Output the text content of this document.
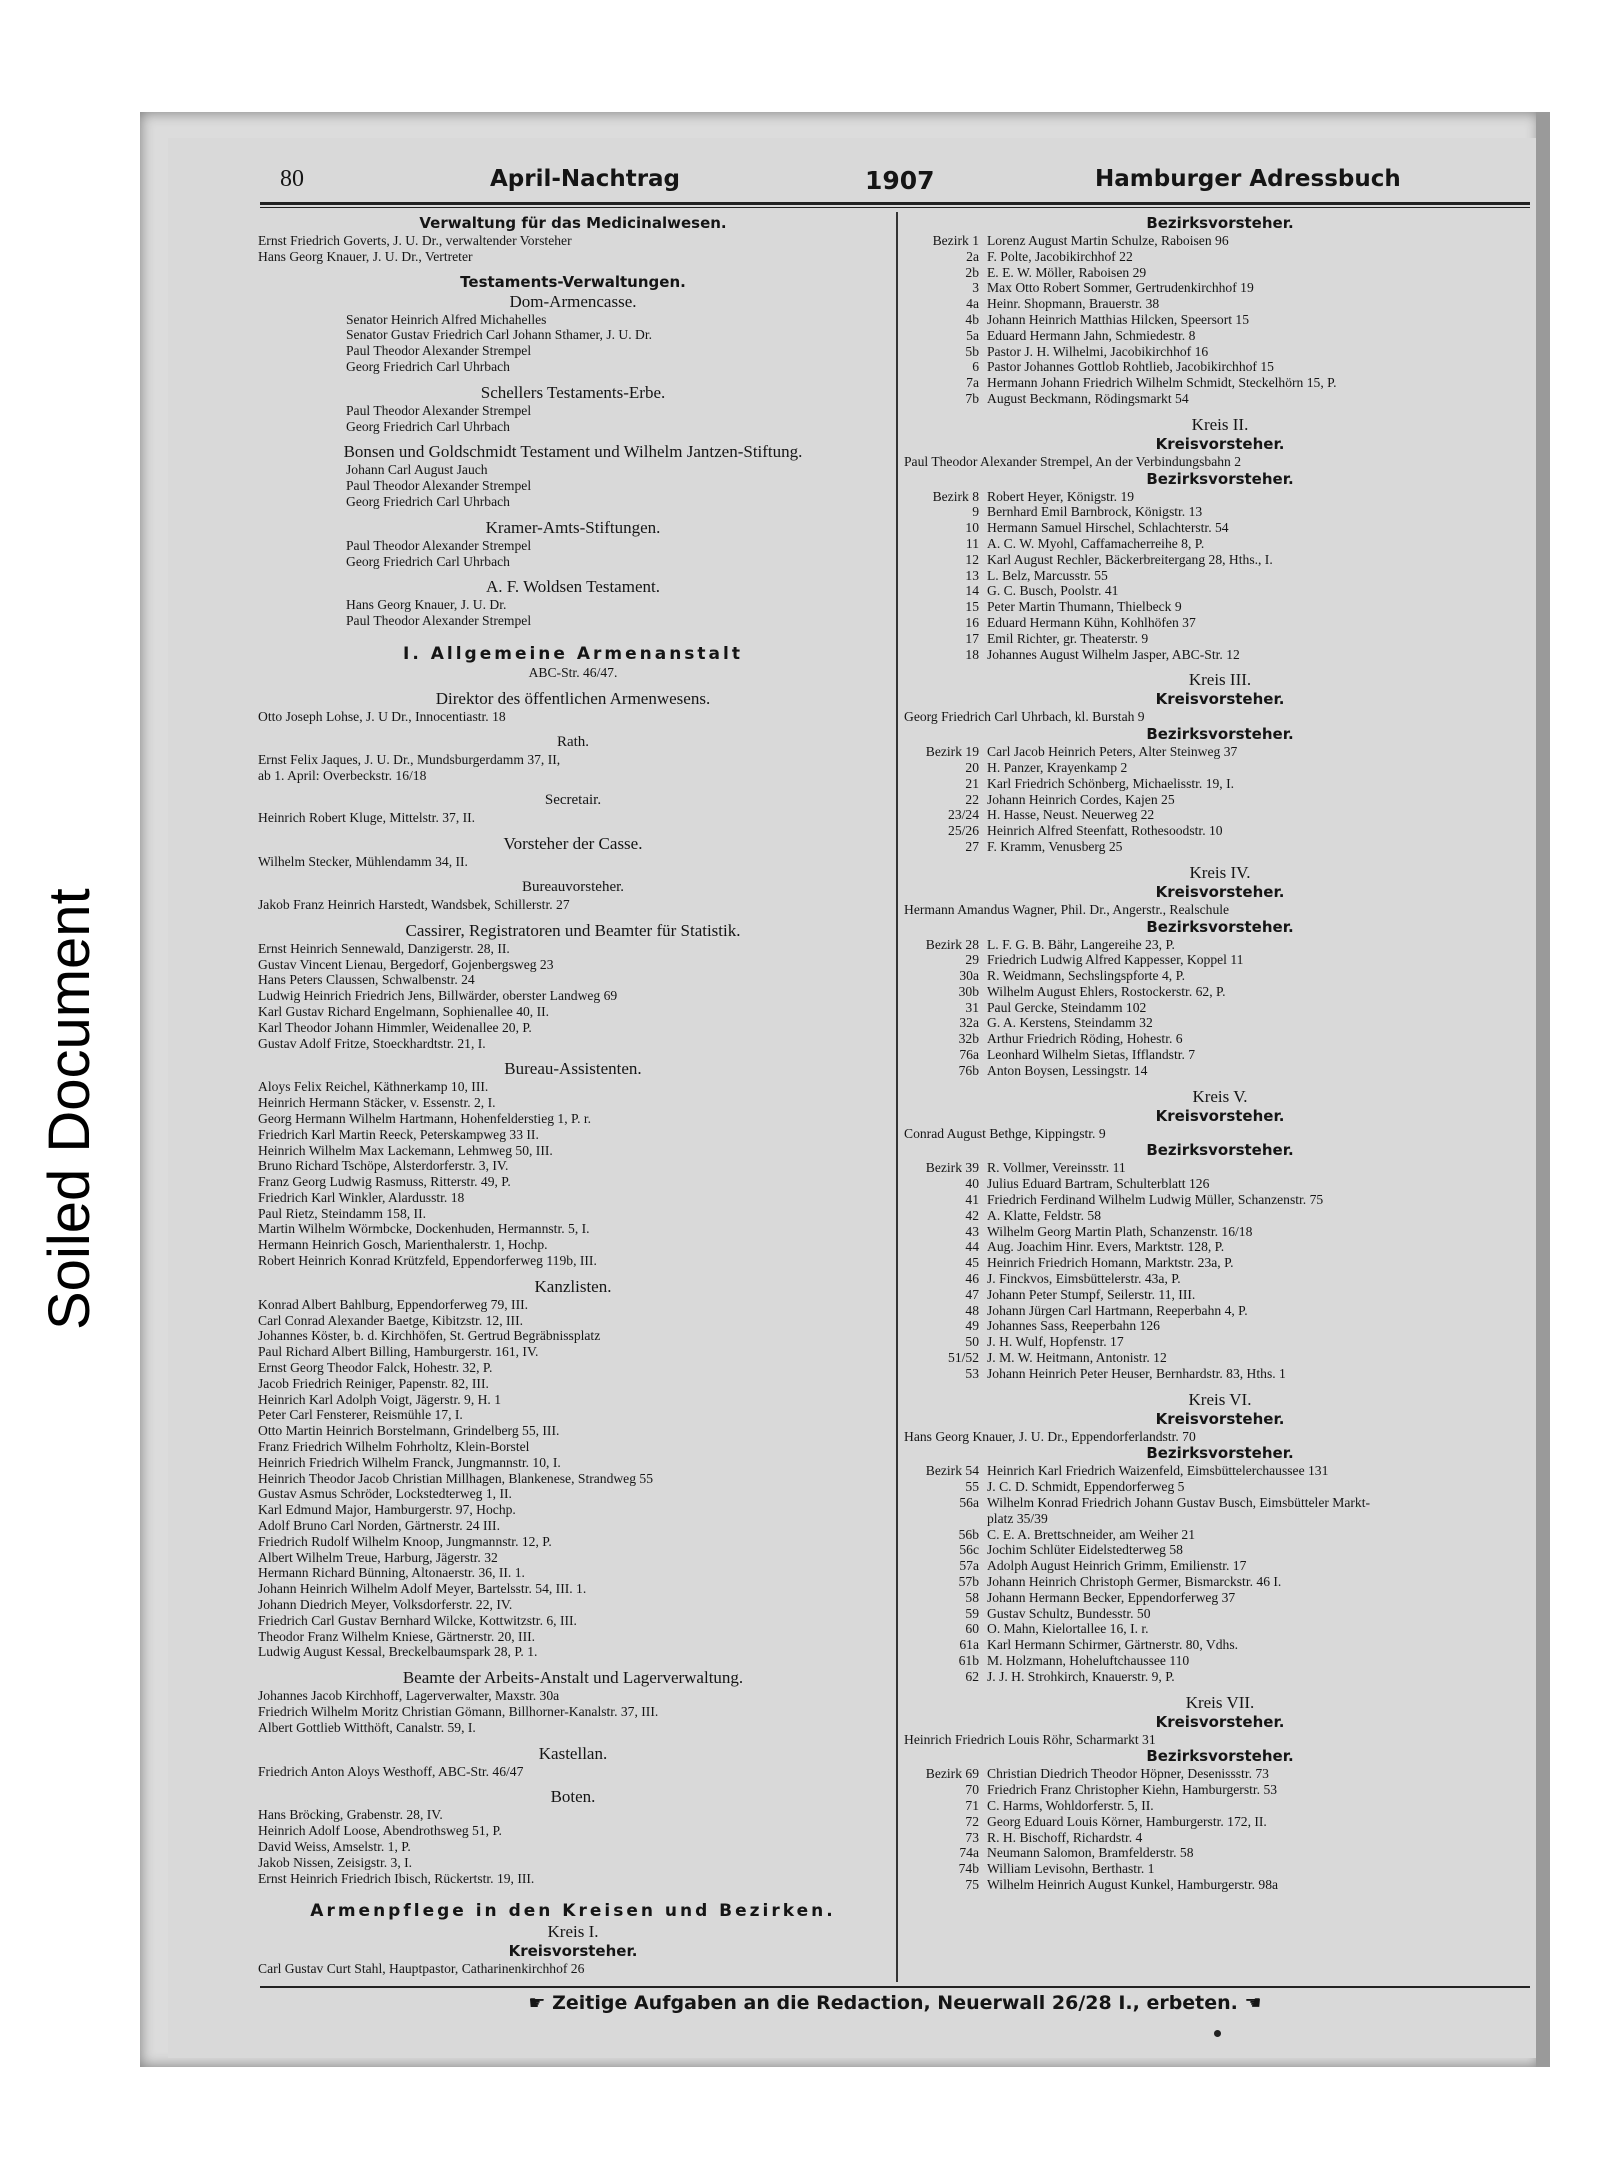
80	April-Nachtrag	1907	Hamburger Adressbuch
Verwaltung für das Medicinalwesen.
Ernst Friedrich Goverts, J. U. Dr., verwaltender Vorsteher
Hans Georg Knauer, J. U. Dr., Vertreter
Testaments-Verwaltungen.
Dom-Armencasse.
Senator Heinrich Alfred Michahelles
Senator Gustav Friedrich Carl Johann Sthamer, J. U. Dr.
Paul Theodor Alexander Strempel
Georg Friedrich Carl Uhrbach
Schellers Testaments-Erbe.
Paul Theodor Alexander Strempel
Georg Friedrich Carl Uhrbach
Bonsen und Goldschmidt Testament und Wilhelm Jantzen-Stiftung.
Johann Carl August Jauch
Paul Theodor Alexander Strempel
Georg Friedrich Carl Uhrbach
Kramer-Amts-Stiftungen.
Paul Theodor Alexander Strempel
Georg Friedrich Carl Uhrbach
A. F. Woldsen Testament.
Hans Georg Knauer, J. U. Dr.
Paul Theodor Alexander Strempel
I. Allgemeine Armenanstalt
ABC-Str. 46/47.
Direktor des öffentlichen Armenwesens.
Otto Joseph Lohse, J. U Dr., Innocentiastr. 18
Rath.
Ernst Felix Jaques, J. U. Dr., Mundsburgerdamm 37, II,
ab 1. April: Overbeckstr. 16/18
Secretair.
Heinrich Robert Kluge, Mittelstr. 37, II.
Vorsteher der Casse.
Wilhelm Stecker, Mühlendamm 34, II.
Bureauvorsteher.
Jakob Franz Heinrich Harstedt, Wandsbek, Schillerstr. 27
Cassirer, Registratoren und Beamter für Statistik.
Ernst Heinrich Sennewald, Danzigerstr. 28, II.
Gustav Vincent Lienau, Bergedorf, Gojenbergsweg 23
Hans Peters Claussen, Schwalbenstr. 24
Ludwig Heinrich Friedrich Jens, Billwärder, oberster Landweg 69
Karl Gustav Richard Engelmann, Sophienallee 40, II.
Karl Theodor Johann Himmler, Weidenallee 20, P.
Gustav Adolf Fritze, Stoeckhardtstr. 21, I.
Bureau-Assistenten.
Aloys Felix Reichel, Käthnerkamp 10, III.
Heinrich Hermann Stäcker, v. Essenstr. 2, I.
Georg Hermann Wilhelm Hartmann, Hohenfelderstieg 1, P. r.
Friedrich Karl Martin Reeck, Peterskampweg 33 II.
Heinrich Wilhelm Max Lackemann, Lehmweg 50, III.
Bruno Richard Tschöpe, Alsterdorferstr. 3, IV.
Franz Georg Ludwig Rasmuss, Ritterstr. 49, P.
Friedrich Karl Winkler, Alardusstr. 18
Paul Rietz, Steindamm 158, II.
Martin Wilhelm Wörmbcke, Dockenhuden, Hermannstr. 5, I.
Hermann Heinrich Gosch, Marienthalerstr. 1, Hochp.
Robert Heinrich Konrad Krützfeld, Eppendorferweg 119b, III.
Kanzlisten.
Konrad Albert Bahlburg, Eppendorferweg 79, III.
Carl Conrad Alexander Baetge, Kibitzstr. 12, III.
Johannes Köster, b. d. Kirchhöfen, St. Gertrud Begräbnissplatz
Paul Richard Albert Billing, Hamburgerstr. 161, IV.
Ernst Georg Theodor Falck, Hohestr. 32, P.
Jacob Friedrich Reiniger, Papenstr. 82, III.
Heinrich Karl Adolph Voigt, Jägerstr. 9, H. 1
Peter Carl Fensterer, Reismühle 17, I.
Otto Martin Heinrich Borstelmann, Grindelberg 55, III.
Franz Friedrich Wilhelm Fohrholtz, Klein-Borstel
Heinrich Friedrich Wilhelm Franck, Jungmannstr. 10, I.
Heinrich Theodor Jacob Christian Millhagen, Blankenese, Strandweg 55
Gustav Asmus Schröder, Lockstedterweg 1, II.
Karl Edmund Major, Hamburgerstr. 97, Hochp.
Adolf Bruno Carl Norden, Gärtnerstr. 24 III.
Friedrich Rudolf Wilhelm Knoop, Jungmannstr. 12, P.
Albert Wilhelm Treue, Harburg, Jägerstr. 32
Hermann Richard Bünning, Altonaerstr. 36, II. 1.
Johann Heinrich Wilhelm Adolf Meyer, Bartelsstr. 54, III. 1.
Johann Diedrich Meyer, Volksdorferstr. 22, IV.
Friedrich Carl Gustav Bernhard Wilcke, Kottwitzstr. 6, III.
Theodor Franz Wilhelm Kniese, Gärtnerstr. 20, III.
Ludwig August Kessal, Breckelbaumspark 28, P. 1.
Beamte der Arbeits-Anstalt und Lagerverwaltung.
Johannes Jacob Kirchhoff, Lagerverwalter, Maxstr. 30a
Friedrich Wilhelm Moritz Christian Gömann, Billhorner-Kanalstr. 37, III.
Albert Gottlieb Witthöft, Canalstr. 59, I.
Kastellan.
Friedrich Anton Aloys Westhoff, ABC-Str. 46/47
Boten.
Hans Bröcking, Grabenstr. 28, IV.
Heinrich Adolf Loose, Abendrothsweg 51, P.
David Weiss, Amselstr. 1, P.
Jakob Nissen, Zeisigstr. 3, I.
Ernst Heinrich Friedrich Ibisch, Rückertstr. 19, III.
Armenpflege in den Kreisen und Bezirken.
Kreis I.
Kreisvorsteher.
Carl Gustav Curt Stahl, Hauptpastor, Catharinenkirchhof 26
Bezirksvorsteher.
Bezirk 1 Lorenz August Martin Schulze, Raboisen 96
2a F. Polte, Jacobikirchhof 22
2b E. E. W. Möller, Raboisen 29
3 Max Otto Robert Sommer, Gertrudenkirchhof 19
4a Heinr. Shopmann, Brauerstr. 38
4b Johann Heinrich Matthias Hilcken, Speersort 15
5a Eduard Hermann Jahn, Schmiedestr. 8
5b Pastor J. H. Wilhelmi, Jacobikirchhof 16
6 Pastor Johannes Gottlob Rohtlieb, Jacobikirchhof 15
7a Hermann Johann Friedrich Wilhelm Schmidt, Steckelhörn 15, P.
7b August Beckmann, Rödingsmarkt 54
Kreis II.
Kreisvorsteher.
Paul Theodor Alexander Strempel, An der Verbindungsbahn 2
Bezirksvorsteher.
Bezirk 8 Robert Heyer, Königstr. 19
9 Bernhard Emil Barnbrock, Königstr. 13
10 Hermann Samuel Hirschel, Schlachterstr. 54
11 A. C. W. Myohl, Caffamacherreihe 8, P.
12 Karl August Rechler, Bäckerbreitergang 28, Hths., I.
13 L. Belz, Marcusstr. 55
14 G. C. Busch, Poolstr. 41
15 Peter Martin Thumann, Thielbeck 9
16 Eduard Hermann Kühn, Kohlhöfen 37
17 Emil Richter, gr. Theaterstr. 9
18 Johannes August Wilhelm Jasper, ABC-Str. 12
Kreis III.
Kreisvorsteher.
Georg Friedrich Carl Uhrbach, kl. Burstah 9
Bezirksvorsteher.
Bezirk 19 Carl Jacob Heinrich Peters, Alter Steinweg 37
20 H. Panzer, Krayenkamp 2
21 Karl Friedrich Schönberg, Michaelisstr. 19, I.
22 Johann Heinrich Cordes, Kajen 25
23/24 H. Hasse, Neust. Neuerweg 22
25/26 Heinrich Alfred Steenfatt, Rothesoodstr. 10
27 F. Kramm, Venusberg 25
Kreis IV.
Kreisvorsteher.
Hermann Amandus Wagner, Phil. Dr., Angerstr., Realschule
Bezirksvorsteher.
Bezirk 28 L. F. G. B. Bähr, Langereihe 23, P.
29 Friedrich Ludwig Alfred Kappesser, Koppel 11
30a R. Weidmann, Sechslingspforte 4, P.
30b Wilhelm August Ehlers, Rostockerstr. 62, P.
31 Paul Gercke, Steindamm 102
32a G. A. Kerstens, Steindamm 32
32b Arthur Friedrich Röding, Hohestr. 6
76a Leonhard Wilhelm Sietas, Ifflandstr. 7
76b Anton Boysen, Lessingstr. 14
Kreis V.
Kreisvorsteher.
Conrad August Bethge, Kippingstr. 9
Bezirksvorsteher.
Bezirk 39 R. Vollmer, Vereinsstr. 11
40 Julius Eduard Bartram, Schulterblatt 126
41 Friedrich Ferdinand Wilhelm Ludwig Müller, Schanzenstr. 75
42 A. Klatte, Feldstr. 58
43 Wilhelm Georg Martin Plath, Schanzenstr. 16/18
44 Aug. Joachim Hinr. Evers, Marktstr. 128, P.
45 Heinrich Friedrich Homann, Marktstr. 23a, P.
46 J. Finckvos, Eimsbüttelerstr. 43a, P.
47 Johann Peter Stumpf, Seilerstr. 11, III.
48 Johann Jürgen Carl Hartmann, Reeperbahn 4, P.
49 Johannes Sass, Reeperbahn 126
50 J. H. Wulf, Hopfenstr. 17
51/52 J. M. W. Heitmann, Antonistr. 12
53 Johann Heinrich Peter Heuser, Bernhardstr. 83, Hths. 1
Kreis VI.
Kreisvorsteher.
Hans Georg Knauer, J. U. Dr., Eppendorferlandstr. 70
Bezirksvorsteher.
Bezirk 54 Heinrich Karl Friedrich Waizenfeld, Eimsbüttelerchaussee 131
55 J. C. D. Schmidt, Eppendorferweg 5
56a Wilhelm Konrad Friedrich Johann Gustav Busch, Eimsbütteler Markt-
platz 35/39
56b C. E. A. Brettschneider, am Weiher 21
56c Jochim Schlüter Eidelstedterweg 58
57a Adolph August Heinrich Grimm, Emilienstr. 17
57b Johann Heinrich Christoph Germer, Bismarckstr. 46 I.
58 Johann Hermann Becker, Eppendorferweg 37
59 Gustav Schultz, Bundesstr. 50
60 O. Mahn, Kielortallee 16, I. r.
61a Karl Hermann Schirmer, Gärtnerstr. 80, Vdhs.
61b M. Holzmann, Hoheluftchaussee 110
62 J. J. H. Strohkirch, Knauerstr. 9, P.
Kreis VII.
Kreisvorsteher.
Heinrich Friedrich Louis Röhr, Scharmarkt 31
Bezirksvorsteher.
Bezirk 69 Christian Diedrich Theodor Höpner, Desenissstr. 73
70 Friedrich Franz Christopher Kiehn, Hamburgerstr. 53
71 C. Harms, Wohldorferstr. 5, II.
72 Georg Eduard Louis Körner, Hamburgerstr. 172, II.
73 R. H. Bischoff, Richardstr. 4
74a Neumann Salomon, Bramfelderstr. 58
74b William Levisohn, Berthastr. 1
75 Wilhelm Heinrich August Kunkel, Hamburgerstr. 98a
☛ Zeitige Aufgaben an die Redaction, Neuerwall 26/28 I., erbeten. ☚
Soiled Document
